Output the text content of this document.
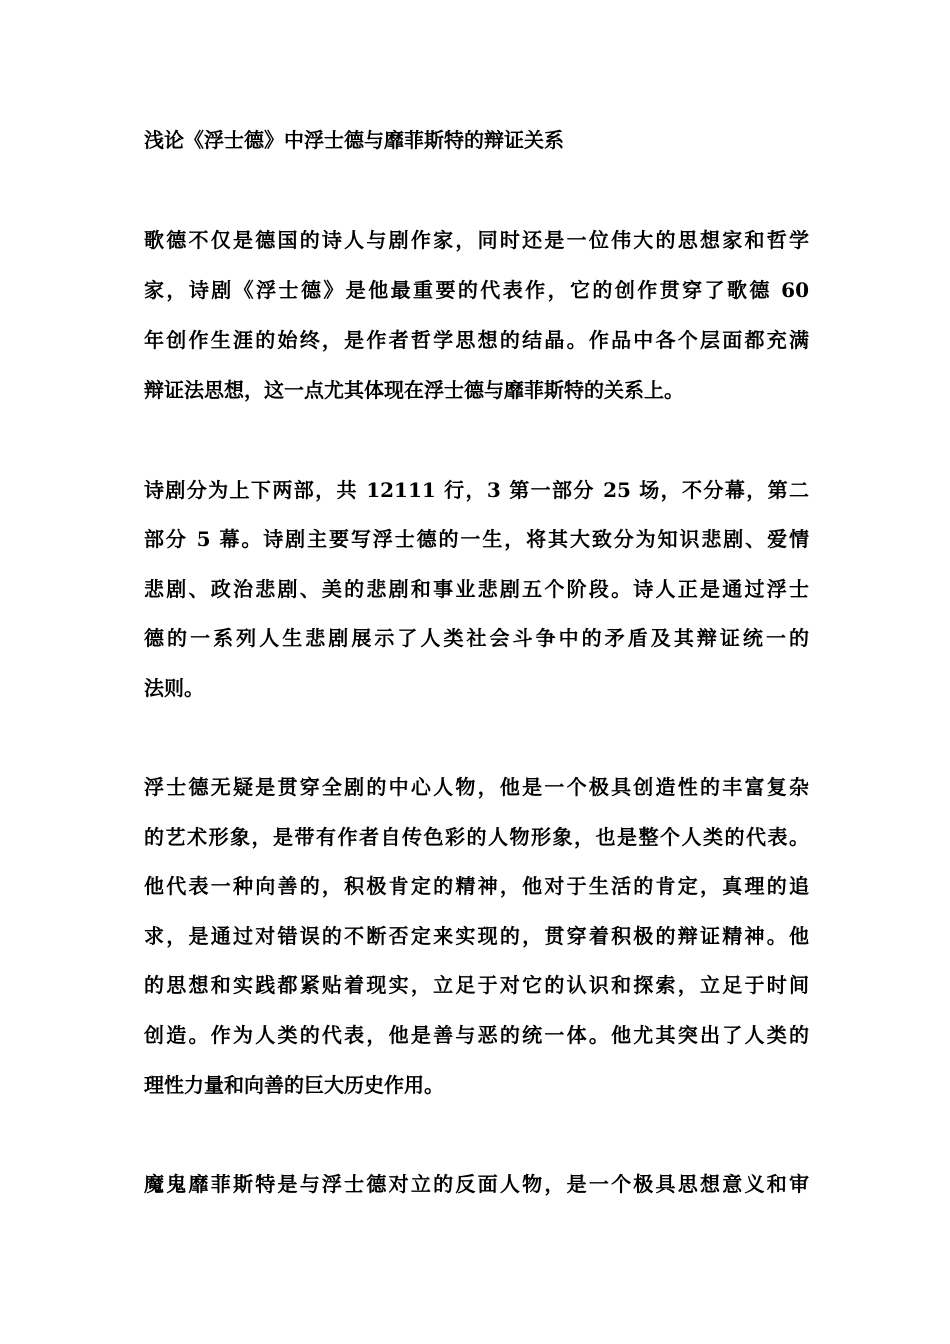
浅论《浮士德》中浮士德与靡菲斯特的辩证关系
歌德不仅是德国的诗人与剧作家，同时还是一位伟大的思想家和哲学
家，诗剧《浮士德》是他最重要的代表作，它的创作贯穿了歌德 60
年创作生涯的始终，是作者哲学思想的结晶。作品中各个层面都充满
辩证法思想，这一点尤其体现在浮士德与靡菲斯特的关系上。
诗剧分为上下两部，共 12111 行，3 第一部分 25 场，不分幕，第二
部分 5 幕。诗剧主要写浮士德的一生，将其大致分为知识悲剧、爱情
悲剧、政治悲剧、美的悲剧和事业悲剧五个阶段。诗人正是通过浮士
德的一系列人生悲剧展示了人类社会斗争中的矛盾及其辩证统一的
法则。
浮士德无疑是贯穿全剧的中心人物，他是一个极具创造性的丰富复杂
的艺术形象，是带有作者自传色彩的人物形象，也是整个人类的代表。
他代表一种向善的，积极肯定的精神，他对于生活的肯定，真理的追
求，是通过对错误的不断否定来实现的，贯穿着积极的辩证精神。他
的思想和实践都紧贴着现实，立足于对它的认识和探索，立足于时间
创造。作为人类的代表，他是善与恶的统一体。他尤其突出了人类的
理性力量和向善的巨大历史作用。
魔鬼靡菲斯特是与浮士德对立的反面人物，是一个极具思想意义和审
